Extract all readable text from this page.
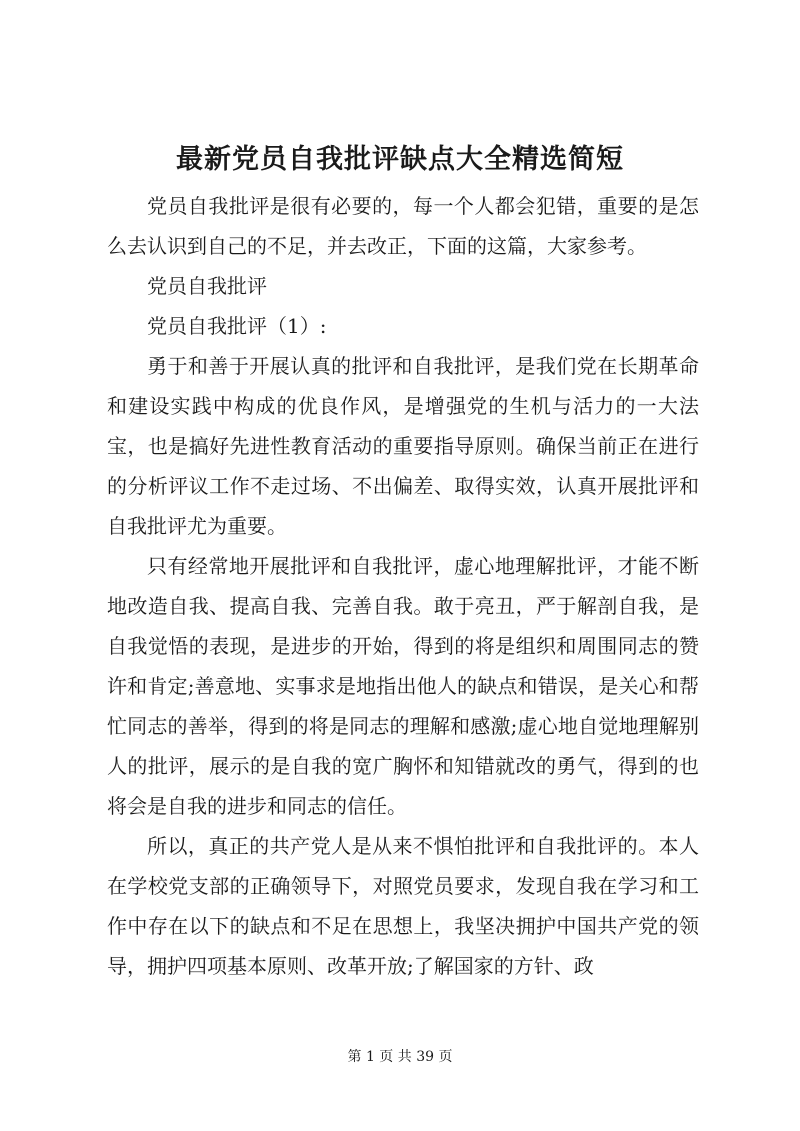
最新党员自我批评缺点大全精选简短

党员自我批评是很有必要的，每一个人都会犯错，重要的是怎么去认识到自己的不足，并去改正，下面的这篇，大家参考。

党员自我批评

党员自我批评（1）:

勇于和善于开展认真的批评和自我批评，是我们党在长期革命和建设实践中构成的优良作风，是增强党的生机与活力的一大法宝，也是搞好先进性教育活动的重要指导原则。确保当前正在进行的分析评议工作不走过场、不出偏差、取得实效，认真开展批评和自我批评尤为重要。

只有经常地开展批评和自我批评，虚心地理解批评，才能不断地改造自我、提高自我、完善自我。敢于亮丑，严于解剖自我，是自我觉悟的表现，是进步的开始，得到的将是组织和周围同志的赞许和肯定;善意地、实事求是地指出他人的缺点和错误，是关心和帮忙同志的善举，得到的将是同志的理解和感激;虚心地自觉地理解别人的批评，展示的是自我的宽广胸怀和知错就改的勇气，得到的也将会是自我的进步和同志的信任。

所以，真正的共产党人是从来不惧怕批评和自我批评的。本人在学校党支部的正确领导下，对照党员要求，发现自我在学习和工作中存在以下的缺点和不足在思想上，我坚决拥护中国共产党的领导，拥护四项基本原则、改革开放;了解国家的方针、政

第 1 页 共 39 页
